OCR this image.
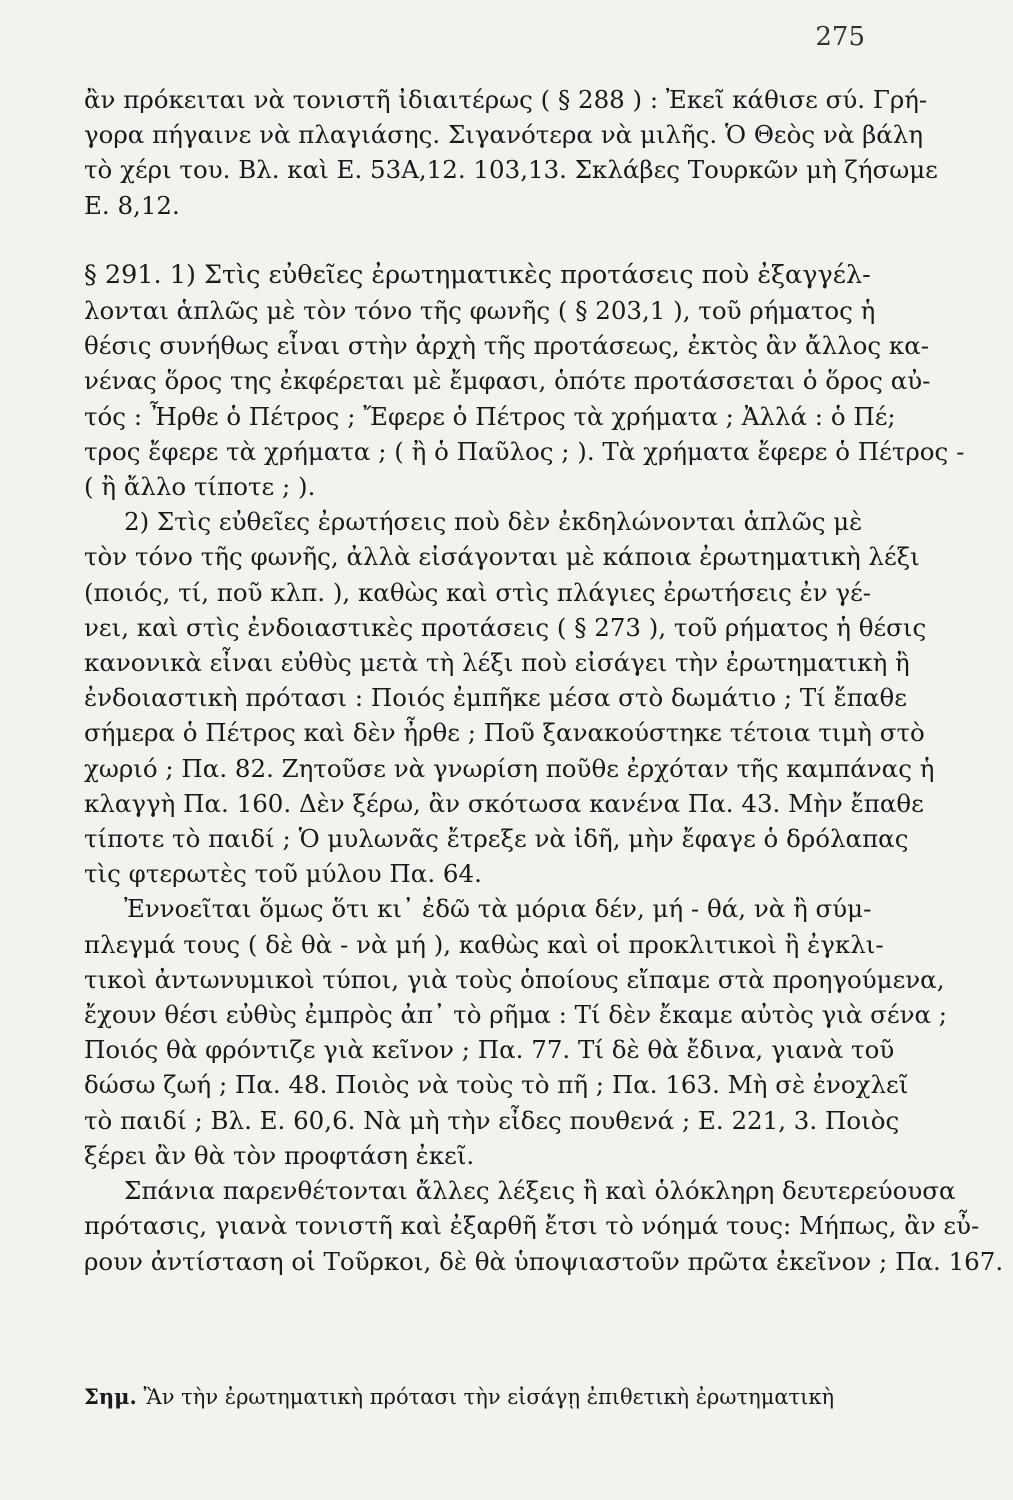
275
ἂν πρόκειται νὰ τονιστῆ ἰδιαιτέρως ( § 288 ) : Ἐκεῖ κάθισε σύ. Γρή-
γορα πήγαινε νὰ πλαγιάσης. Σιγανότερα νὰ μιλῆς. Ὁ Θεὸς νὰ βάλη
τὸ χέρι του. Βλ. καὶ Ε. 53Α,12. 103,13. Σκλάβες Τουρκῶν μὴ ζήσωμε
Ε. 8,12.
§ 291. 1) Στὶς εὐθεῖες ἐρωτηματικὲς προτάσεις ποὺ ἐξαγγέλ-
λονται ἁπλῶς μὲ τὸν τόνο τῆς φωνῆς ( § 203,1 ), τοῦ ρήματος ἡ
θέσις συνήθως εἶναι στὴν ἀρχὴ τῆς προτάσεως, ἐκτὸς ἂν ἄλλος κα-
νένας ὅρος της ἐκφέρεται μὲ ἔμφασι, ὁπότε προτάσσεται ὁ ὅρος αὐ-
τός : Ἦρθε ὁ Πέτρος ; Ἔφερε ὁ Πέτρος τὰ χρήματα ; Ἀλλά : ὁ Πέ;
τρος ἔφερε τὰ χρήματα ; ( ἢ ὁ Παῦλος ; ). Τὰ χρήματα ἔφερε ὁ Πέτρος -
( ἢ ἄλλο τίποτε ; ).
2) Στὶς εὐθεῖες ἐρωτήσεις ποὺ δὲν ἐκδηλώνονται ἁπλῶς μὲ
τὸν τόνο τῆς φωνῆς, ἀλλὰ εἰσάγονται μὲ κάποια ἐρωτηματικὴ λέξι
(ποιός, τί, ποῦ κλπ. ), καθὼς καὶ στὶς πλάγιες ἐρωτήσεις ἐν γέ-
νει, καὶ στὶς ἐνδοιαστικὲς προτάσεις ( § 273 ), τοῦ ρήματος ἡ θέσις
κανονικὰ εἶναι εὐθὺς μετὰ τὴ λέξι ποὺ εἰσάγει τὴν ἐρωτηματικὴ ἢ
ἐνδοιαστικὴ πρότασι : Ποιός ἐμπῆκε μέσα στὸ δωμάτιο ; Τί ἔπαθε
σήμερα ὁ Πέτρος καὶ δὲν ἦρθε ; Ποῦ ξανακούστηκε τέτοια τιμὴ στὸ
χωριό ; Πα. 82. Ζητοῦσε νὰ γνωρίση ποῦθε ἐρχόταν τῆς καμπάνας ἡ
κλαγγὴ Πα. 160. Δὲν ξέρω, ἂν σκότωσα κανένα Πα. 43. Μὴν ἔπαθε
τίποτε τὸ παιδί ; Ὁ μυλωνᾶς ἔτρεξε νὰ ἰδῆ, μὴν ἔφαγε ὁ δρόλαπας
τὶς φτερωτὲς τοῦ μύλου Πα. 64.
Ἐννοεῖται ὅμως ὅτι κι᾿ ἐδῶ τὰ μόρια δέν, μή - θά, νὰ ἢ σύμ-
πλεγμά τους ( δὲ θὰ - νὰ μή ), καθὼς καὶ οἱ προκλιτικοὶ ἢ ἐγκλι-
τικοὶ ἀντωνυμικοὶ τύποι, γιὰ τοὺς ὁποίους εἴπαμε στὰ προηγούμενα,
ἔχουν θέσι εὐθὺς ἐμπρὸς ἀπ᾿ τὸ ρῆμα : Τί δὲν ἔκαμε αὐτὸς γιὰ σένα ;
Ποιός θὰ φρόντιζε γιὰ κεῖνον ; Πα. 77. Τί δὲ θὰ ἔδινα, γιανὰ τοῦ
δώσω ζωή ; Πα. 48. Ποιὸς νὰ τοὺς τὸ πῆ ; Πα. 163. Μὴ σὲ ἐνοχλεῖ
τὸ παιδί ; Βλ. Ε. 60,6. Νὰ μὴ τὴν εἶδες πουθενά ; Ε. 221, 3. Ποιὸς
ξέρει ἂν θὰ τὸν προφτάση ἐκεῖ.
Σπάνια παρενθέτονται ἄλλες λέξεις ἢ καὶ ὁλόκληρη δευτερεύουσα
πρότασις, γιανὰ τονιστῆ καὶ ἐξαρθῆ ἔτσι τὸ νόημά τους: Μήπως, ἂν εὖ-
ρουν ἀντίσταση οἱ Τοῦρκοι, δὲ θὰ ὑποψιαστοῦν πρῶτα ἐκεῖνον ; Πα. 167.
Σημ. Ἂν τὴν ἐρωτηματικὴ πρότασι τὴν εἰσάγῃ ἐπιθετικὴ ἐρωτηματικὴ
